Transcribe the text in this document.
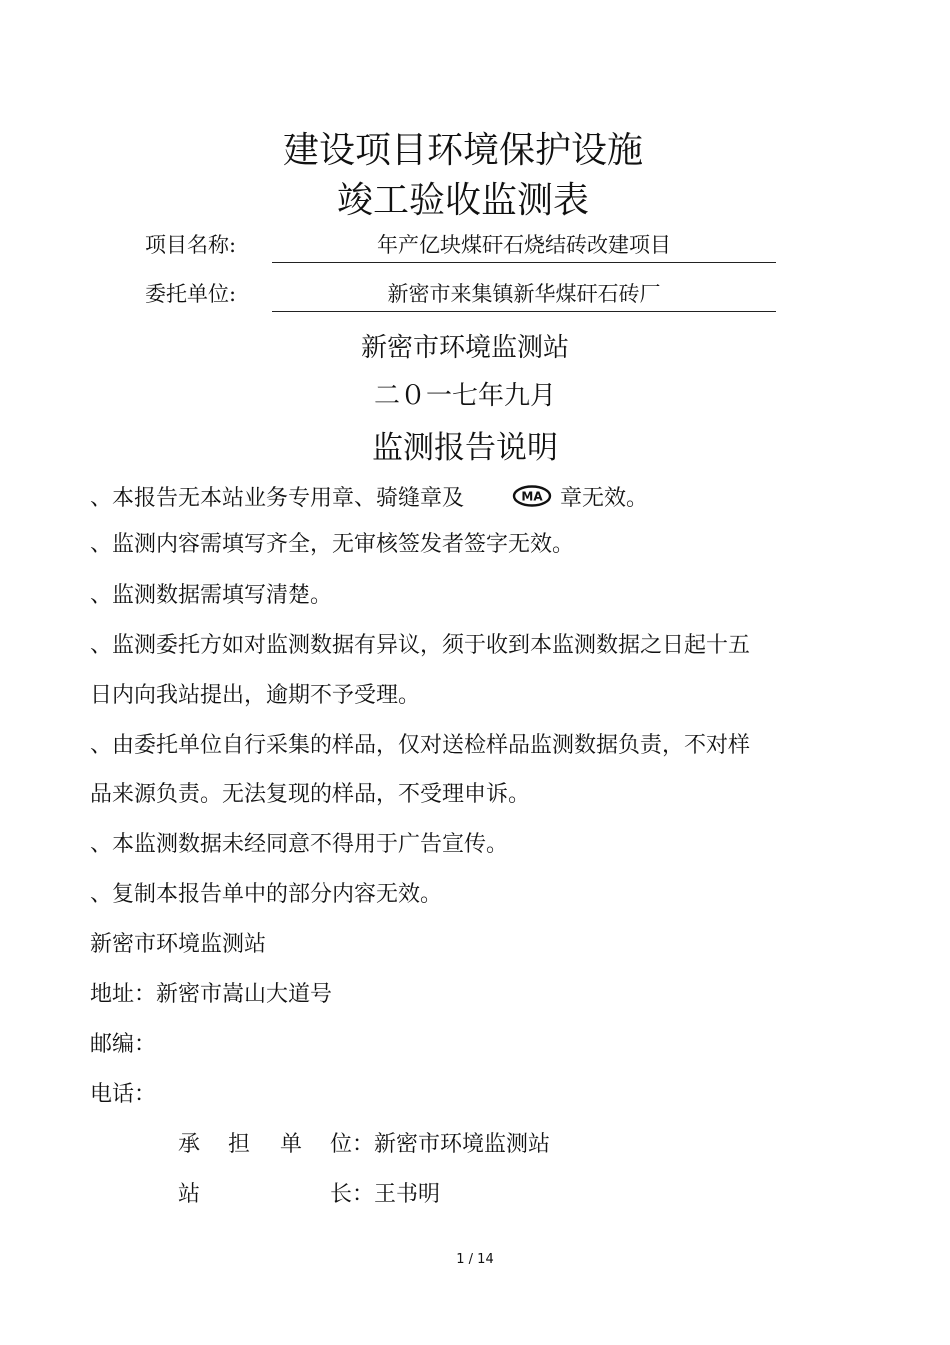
建设项目环境保护设施
竣工验收监测表
项目名称:	年产亿块煤矸石烧结砖改建项目
委托单位:	新密市来集镇新华煤矸石砖厂
新密市环境监测站
二０一七年九月
监测报告说明
、本报告无本站业务专用章、骑缝章及	MA 章无效。
、监测内容需填写齐全，无审核签发者签字无效。
、监测数据需填写清楚。
、监测委托方如对监测数据有异议，须于收到本监测数据之日起十五
日内向我站提出，逾期不予受理。
、由委托单位自行采集的样品，仅对送检样品监测数据负责，不对样
品来源负责。无法复现的样品，不受理申诉。
、本监测数据未经同意不得用于广告宣传。
、复制本报告单中的部分内容无效。
新密市环境监测站
地址：新密市嵩山大道号
邮编：
电话：
承 担 单 位：新密市环境监测站
站	长：王书明
1 / 14
